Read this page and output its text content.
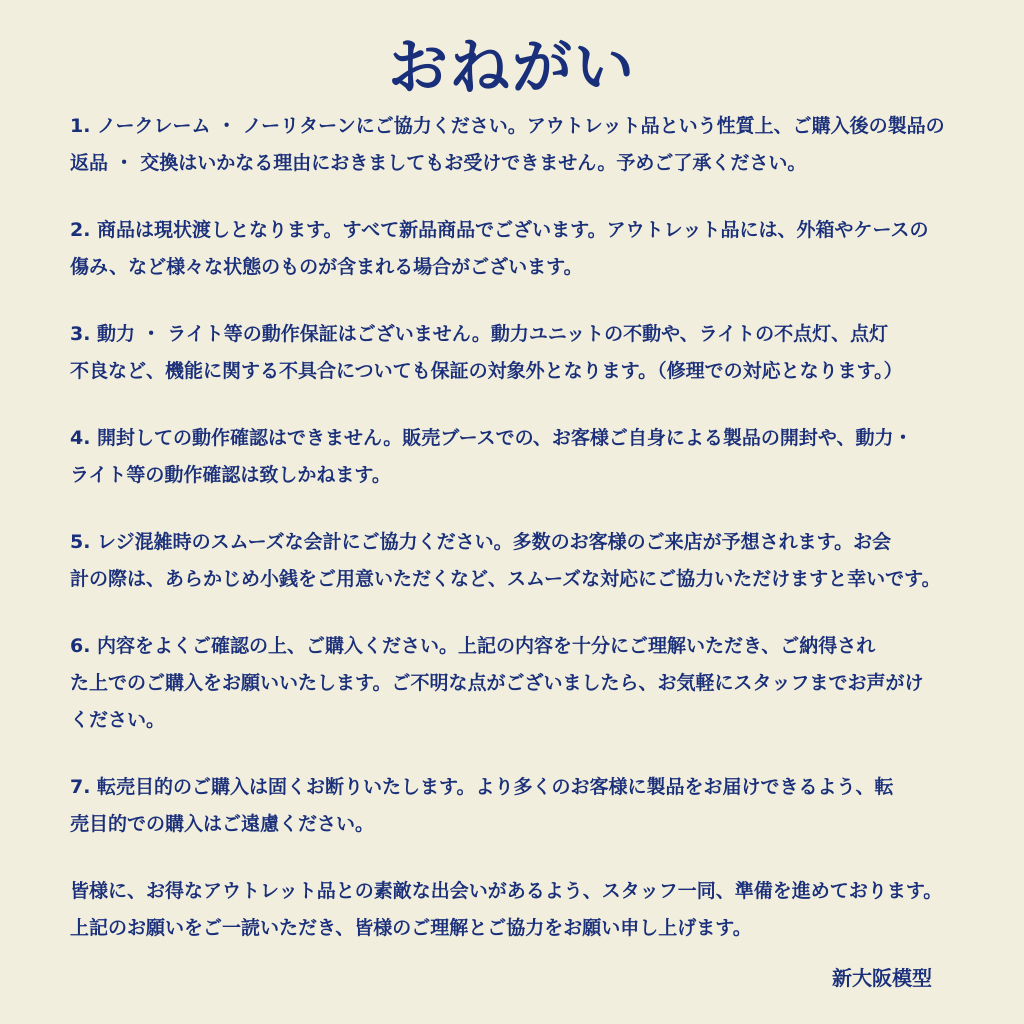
おねがい

1. ノークレーム ・ ノーリターンにご協力ください。アウトレット品という性質上、ご購入後の製品の
返品 ・ 交換はいかなる理由におきましてもお受けできません。予めご了承ください。

2. 商品は現状渡しとなります。すべて新品商品でございます。アウトレット品には、外箱やケースの
傷み、など様々な状態のものが含まれる場合がございます。

3. 動力 ・ ライト等の動作保証はございません。動力ユニットの不動や、ライトの不点灯、点灯
不良など、機能に関する不具合についても保証の対象外となります。（修理での対応となります。）

4. 開封しての動作確認はできません。販売ブースでの、お客様ご自身による製品の開封や、動力・
ライト等の動作確認は致しかねます。

5. レジ混雑時のスムーズな会計にご協力ください。多数のお客様のご来店が予想されます。お会
計の際は、あらかじめ小銭をご用意いただくなど、スムーズな対応にご協力いただけますと幸いです。

6. 内容をよくご確認の上、ご購入ください。上記の内容を十分にご理解いただき、ご納得され
た上でのご購入をお願いいたします。ご不明な点がございましたら、お気軽にスタッフまでお声がけ
ください。

7. 転売目的のご購入は固くお断りいたします。より多くのお客様に製品をお届けできるよう、転
売目的での購入はご遠慮ください。

皆様に、お得なアウトレット品との素敵な出会いがあるよう、スタッフ一同、準備を進めております。
上記のお願いをご一読いただき、皆様のご理解とご協力をお願い申し上げます。

新大阪模型
